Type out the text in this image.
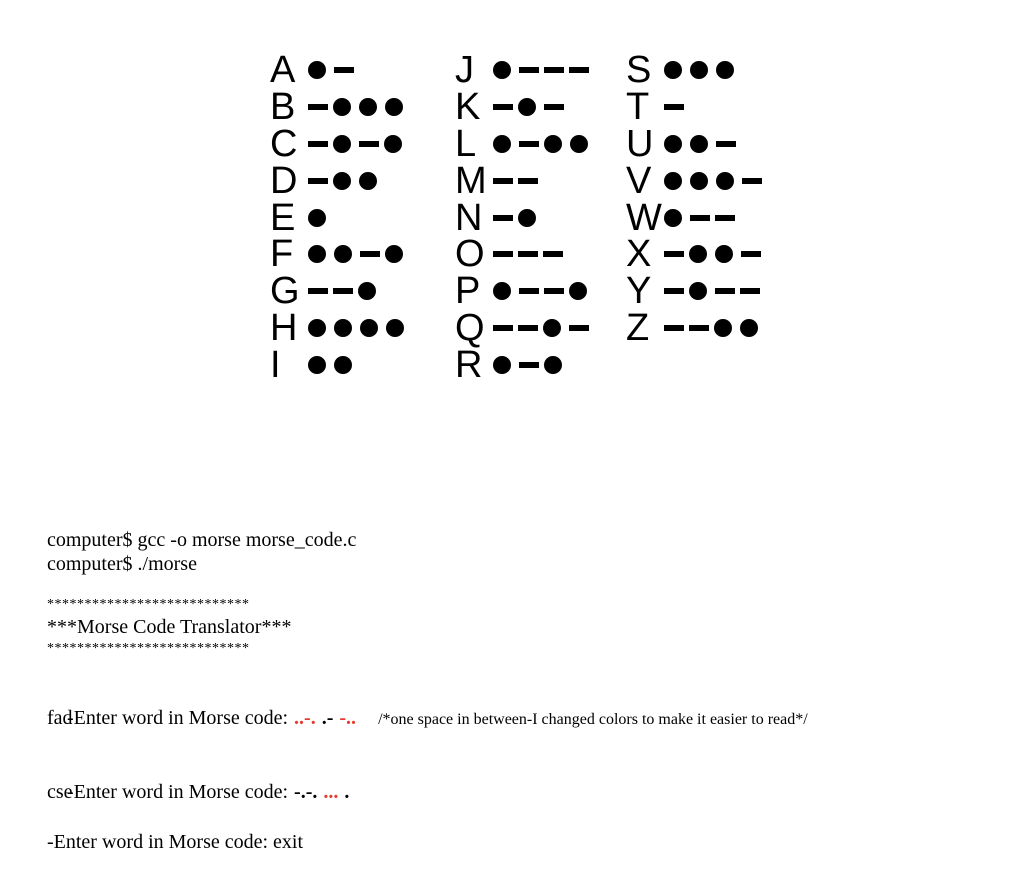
A
B
C
D
E
F
G
H
I
J
K
L
M
N
O
P
Q
R
S
T
U
V
W
X
Y
Z
computer$ gcc -o morse morse_code.c
computer$ ./morse
***************************
***Morse Code Translator***
***************************

-Enter word in Morse code: ..-. .- -.. /*one space in between-I changed colors to make it easier to read*/

fad

-Enter word in Morse code: -.-. ... .

cse
-Enter word in Morse code: exit
